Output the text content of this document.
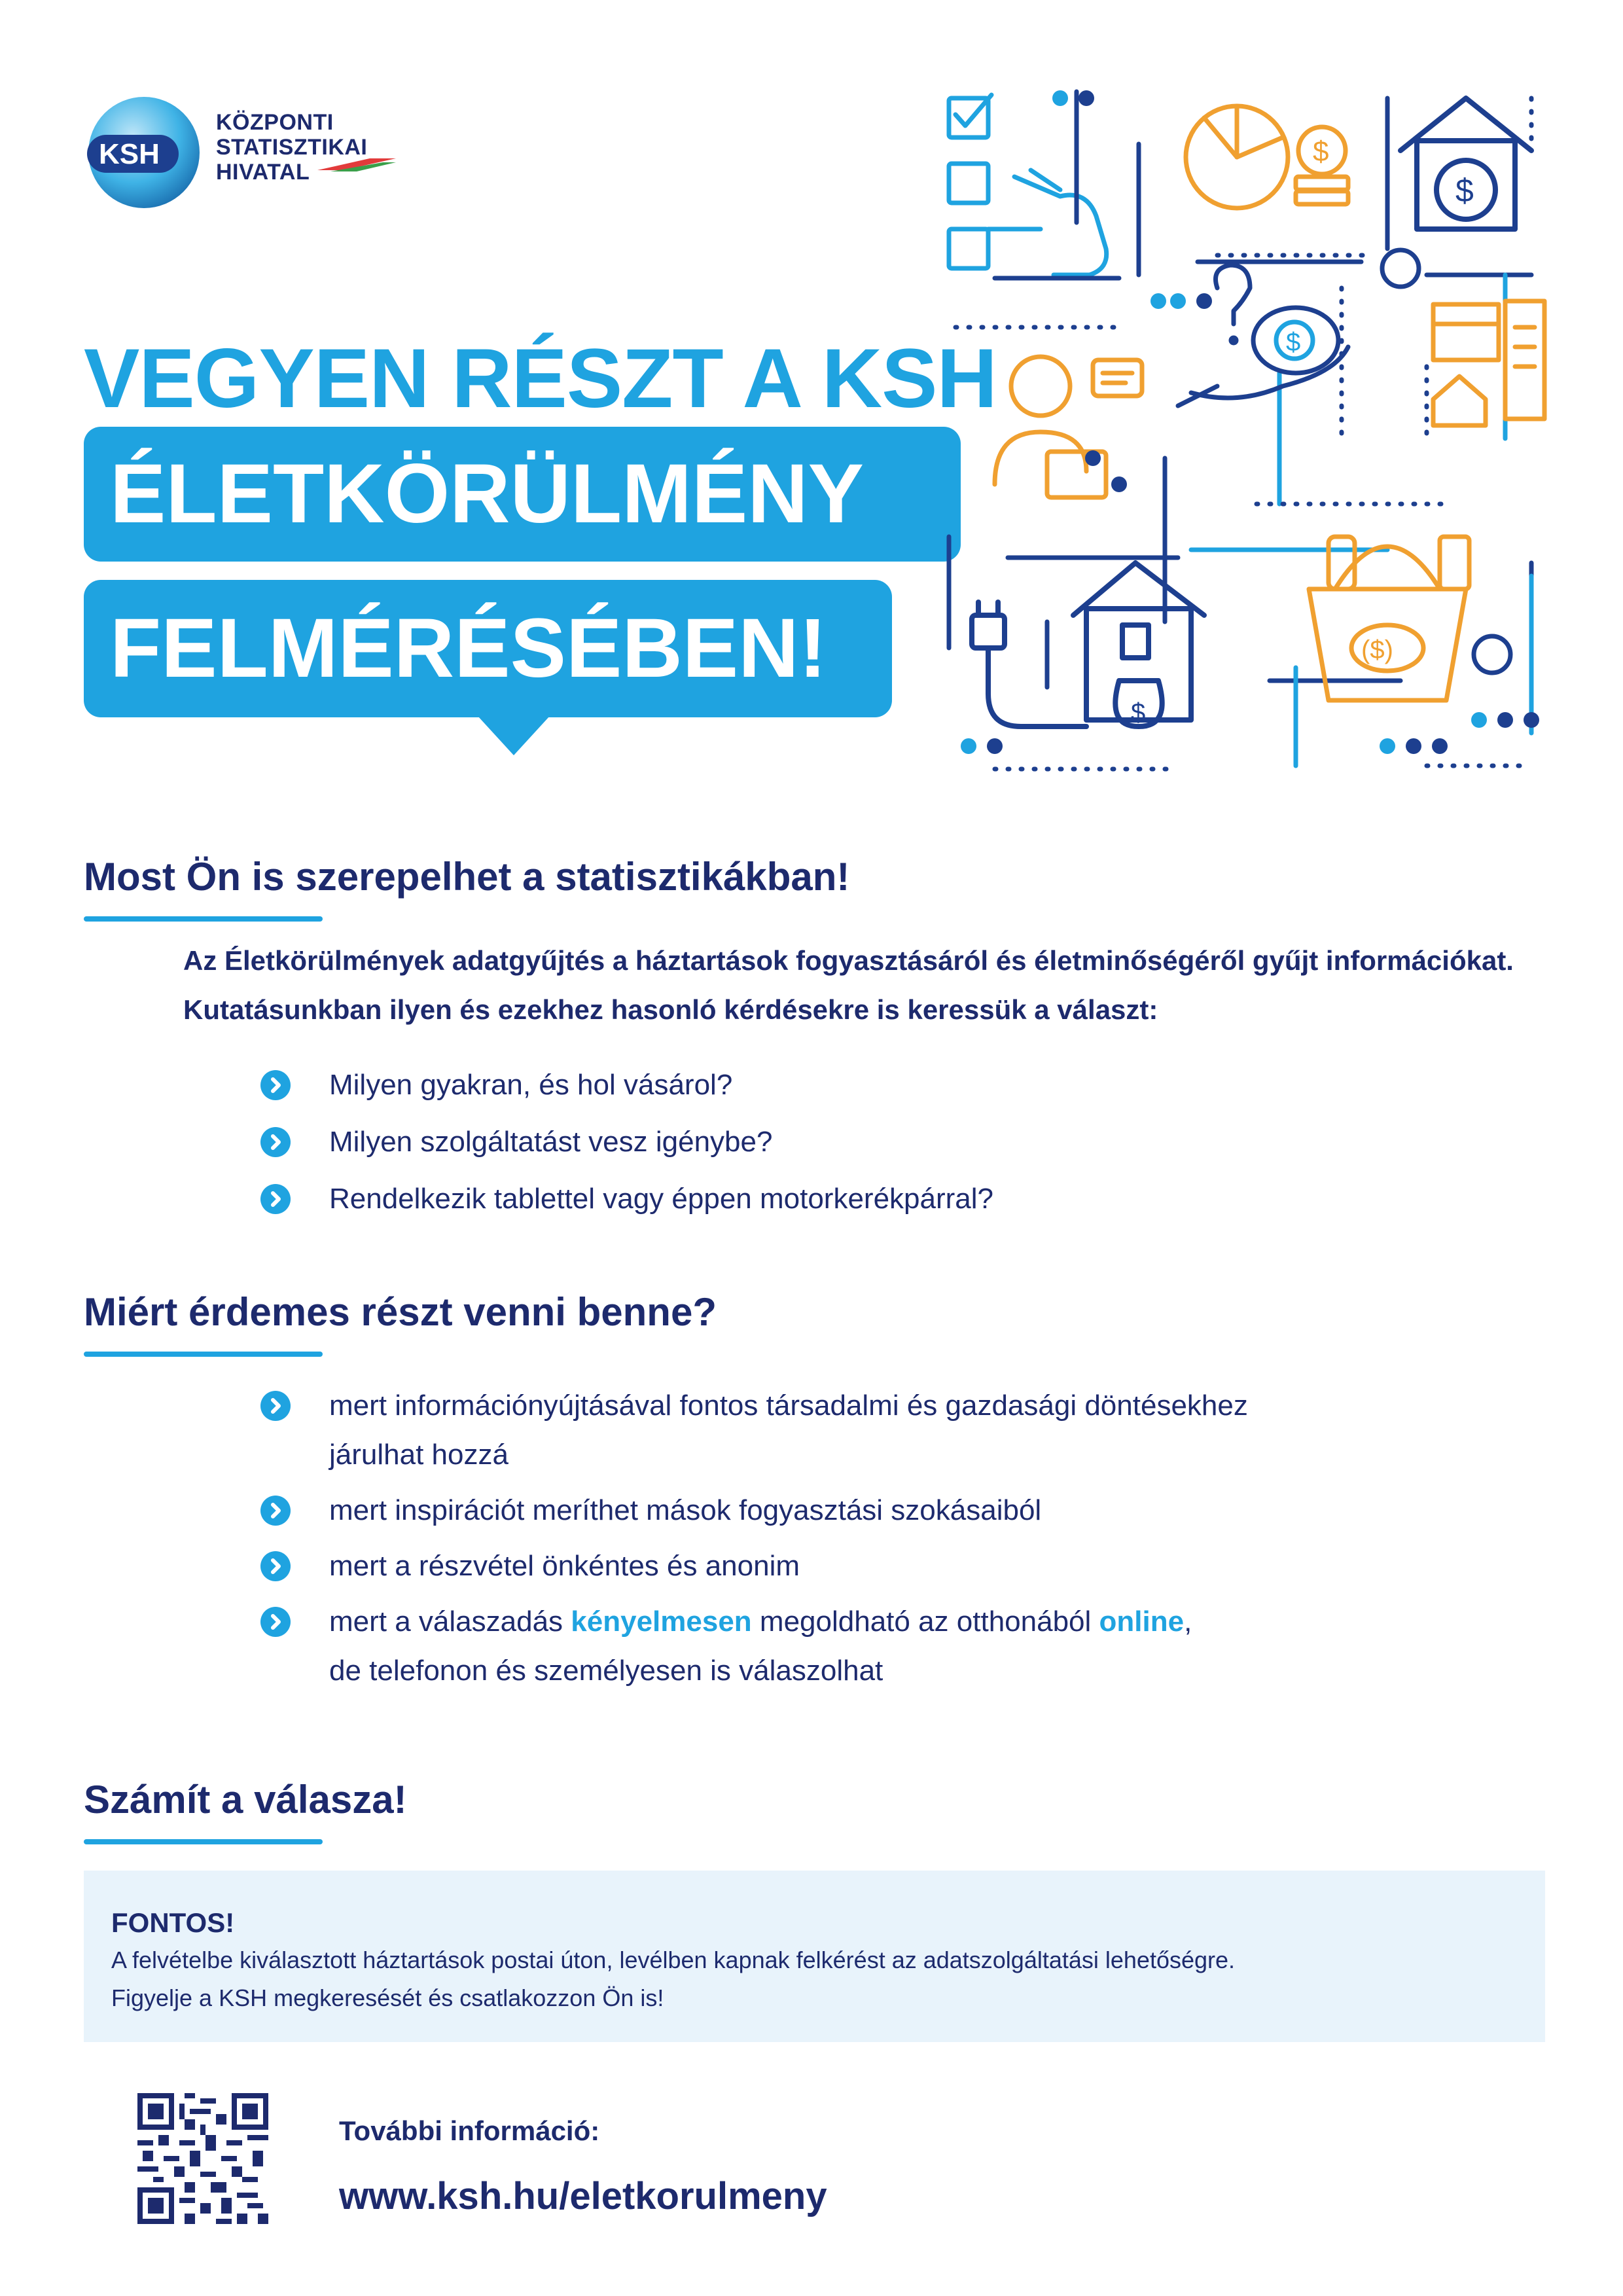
KSH
KÖZPONTI
STATISZTIKAI
HIVATAL
VEGYEN RÉSZT A KSH
ÉLETKÖRÜLMÉNY
FELMÉRÉSÉBEN!
$
$
$
$
($)
Most Ön is szerepelhet a statisztikákban!
Az Életkörülmények adatgyűjtés a háztartások fogyasztásáról és életminőségéről gyűjt információkat. Kutatásunkban ilyen és ezekhez hasonló kérdésekre is keressük a választ:
Milyen gyakran, és hol vásárol?
Milyen szolgáltatást vesz igénybe?
Rendelkezik tablettel vagy éppen motorkerékpárral?
Miért érdemes részt venni benne?
mert információnyújtásával fontos társadalmi és gazdasági döntésekhez járulhat hozzá
mert inspirációt meríthet mások fogyasztási szokásaiból
mert a részvétel önkéntes és anonim
mert a válaszadás kényelmesen megoldható az otthonából online,
de telefonon és személyesen is válaszolhat
Számít a válasza!
FONTOS!
A felvételbe kiválasztott háztartások postai úton, levélben kapnak felkérést az adatszolgáltatási lehetőségre.
Figyelje a KSH megkeresését és csatlakozzon Ön is!
További információ:
www.ksh.hu/eletkorulmeny
